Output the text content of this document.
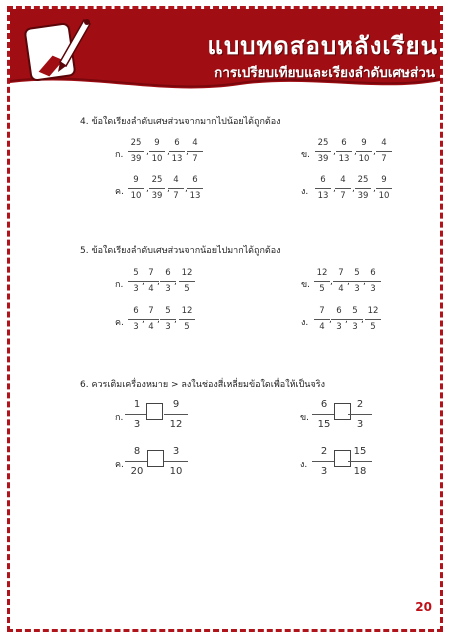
แบบทดสอบหลังเรียน
การเปรียบเทียบและเรียงลำดับเศษส่วน
4. ข้อใดเรียงลำดับเศษส่วนจากมากไปน้อยได้ถูกต้อง
ก.
25
39
,
9
10
,
6
13
,
4
7	ข.
25
39
,
6
13
,
9
10
,
4
7
ค.
9
10
,
25
39
,
4
7
,
6
13	ง.
6
13
,
4
7
,
25
39
,
9
10
5. ข้อใดเรียงลำดับเศษส่วนจากน้อยไปมากได้ถูกต้อง
ก.
5
3
,
7
4
,
6
3
,
12
5	ข.
12
5
,
7
4
,
5
3
,
6
3
ค.
6
3
,
7
4
,
5
3
,
12
5	ง.
7
4
,
6
3
,
5
3
,
12
5
6. ควรเติมเครื่องหมาย > ลงในช่องสี่เหลี่ยมข้อใดเพื่อให้เป็นจริง
ก.
1
3
9
12
ข.
6
15
2
3
ค.
8
20
3
10
ง.
2
3
15
18
20
